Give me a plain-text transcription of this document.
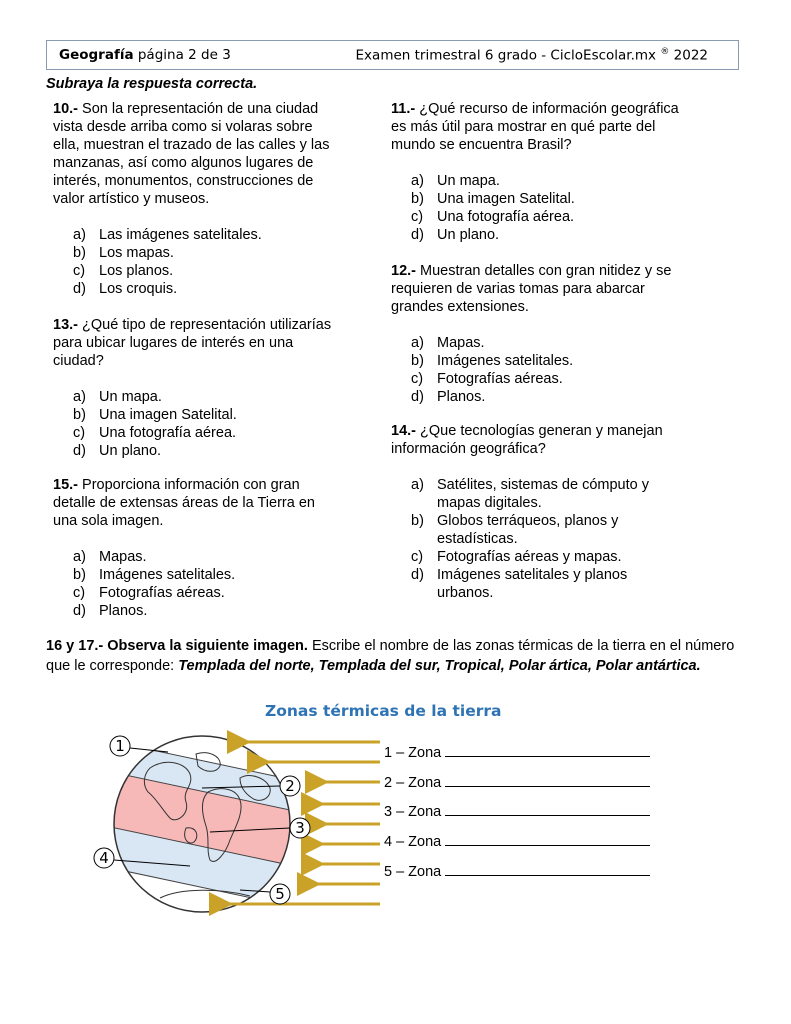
Geografía página 2 de 3	Examen trimestral 6 grado - CicloEscolar.mx ® 2022
Subraya la respuesta correcta.
10.- Son la representación de una ciudad
vista desde arriba como si volaras sobre
ella, muestran el trazado de las calles y las
manzanas, así como algunos lugares de
interés, monumentos, construcciones de
valor artístico y museos.
a) Las imágenes satelitales.
b) Los mapas.
c) Los planos.
d) Los croquis.
13.- ¿Qué tipo de representación utilizarías
para ubicar lugares de interés en una
ciudad?
a) Un mapa.
b) Una imagen Satelital.
c) Una fotografía aérea.
d) Un plano.
15.- Proporciona información con gran
detalle de extensas áreas de la Tierra en
una sola imagen.
a) Mapas.
b) Imágenes satelitales.
c) Fotografías aéreas.
d) Planos.
11.- ¿Qué recurso de información geográfica
es más útil para mostrar en qué parte del
mundo se encuentra Brasil?
a) Un mapa.
b) Una imagen Satelital.
c) Una fotografía aérea.
d) Un plano.
12.- Muestran detalles con gran nitidez y se
requieren de varias tomas para abarcar
grandes extensiones.
a) Mapas.
b) Imágenes satelitales.
c) Fotografías aéreas.
d) Planos.
14.- ¿Que tecnologías generan y manejan
información geográfica?
a) Satélites, sistemas de cómputo y
mapas digitales.
b) Globos terráqueos, planos y
estadísticas.
c) Fotografías aéreas y mapas.
d) Imágenes satelitales y planos
urbanos.
16 y 17.- Observa la siguiente imagen. Escribe el nombre de las zonas térmicas de la tierra en el número que le corresponde: Templada del norte, Templada del sur, Tropical, Polar ártica, Polar antártica.
Zonas térmicas de la tierra
1
2
3
4
5
1 – Zona
2 – Zona
3 – Zona
4 – Zona
5 – Zona
